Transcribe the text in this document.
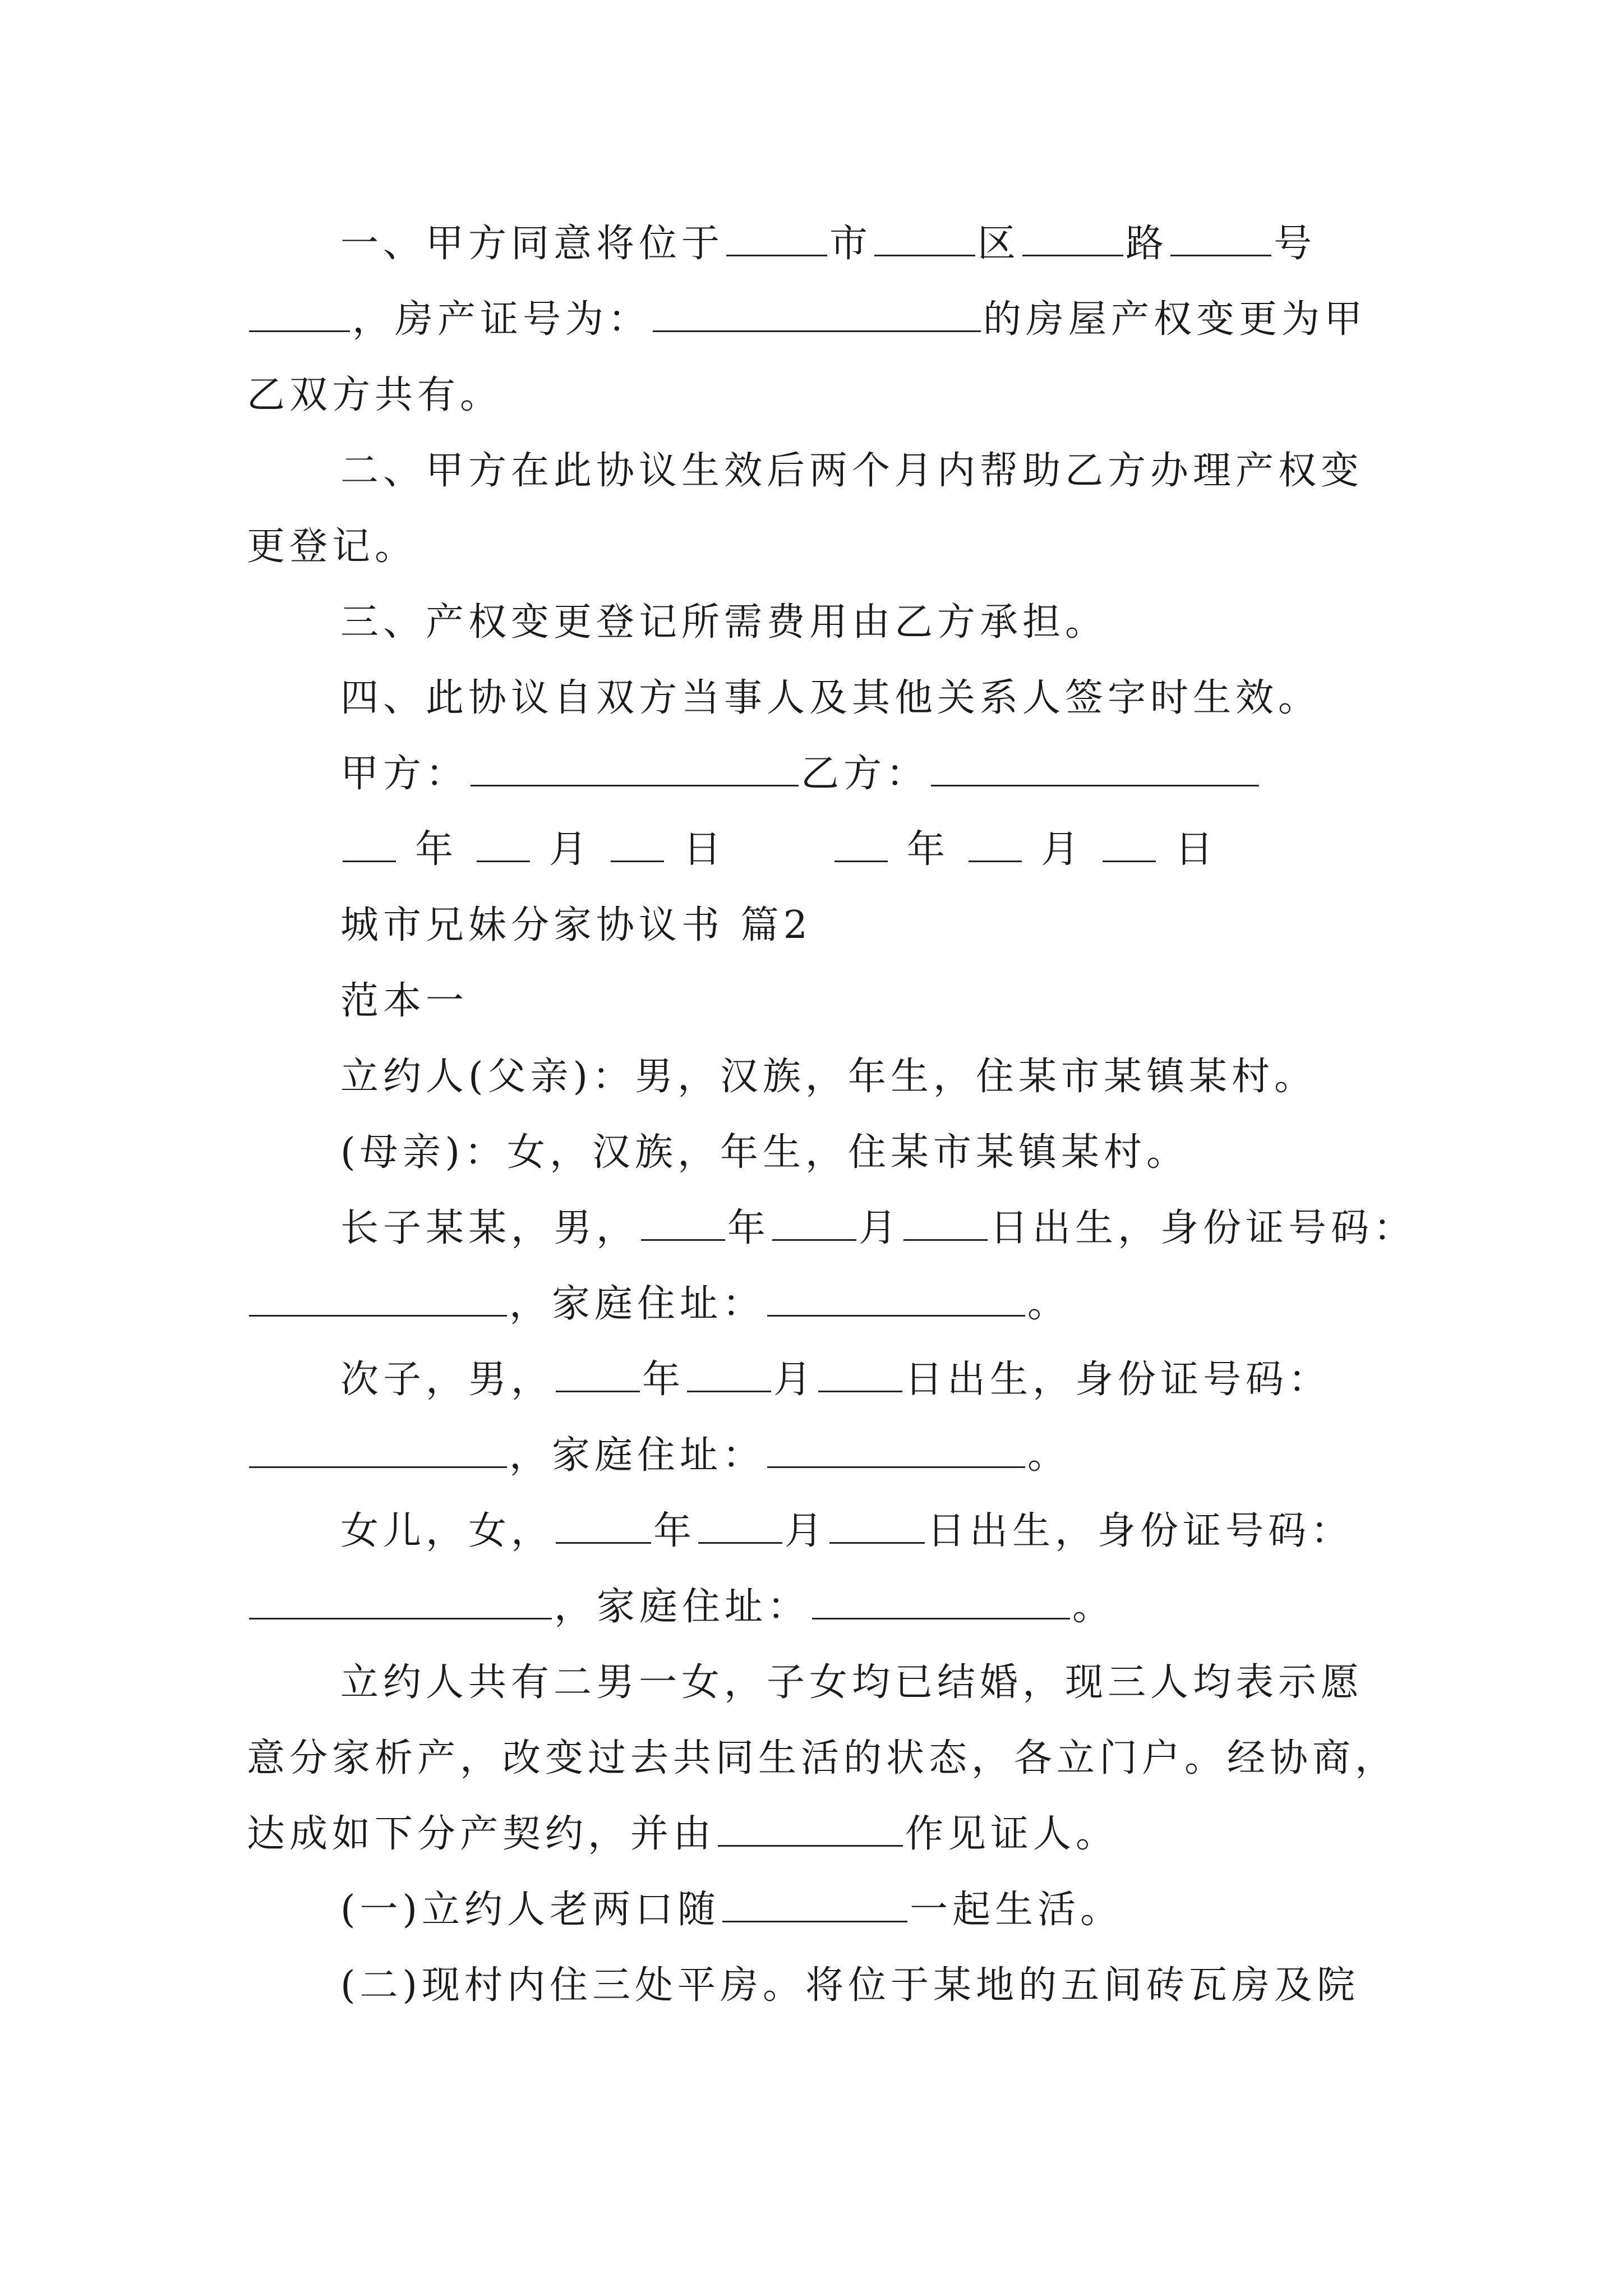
一、甲方同意将位于	市	区	路	号
，房产证号为：	的房屋产权变更为甲
乙双方共有。
二、甲方在此协议生效后两个月内帮助乙方办理产权变
更登记。
三、产权变更登记所需费用由乙方承担。
四、此协议自双方当事人及其他关系人签字时生效。
甲方：	乙方：
年 月 日	年 月 日
城市兄妹分家协议书 篇2
范本一
立约人(父亲)：男，汉族，年生，住某市某镇某村。
(母亲)：女，汉族，年生，住某市某镇某村。
长子某某，男， 年 月 日出生，身份证号码：
，家庭住址：	。
次子，男， 年 月 日出生，身份证号码：
，家庭住址：	。
女儿，女，	年 月	日出生，身份证号码：
，家庭住址：	。
立约人共有二男一女，子女均已结婚，现三人均表示愿
意分家析产，改变过去共同生活的状态，各立门户。经协商，
达成如下分产契约，并由	作见证人。
(一)立约人老两口随	一起生活。
(二)现村内住三处平房。将位于某地的五间砖瓦房及院
